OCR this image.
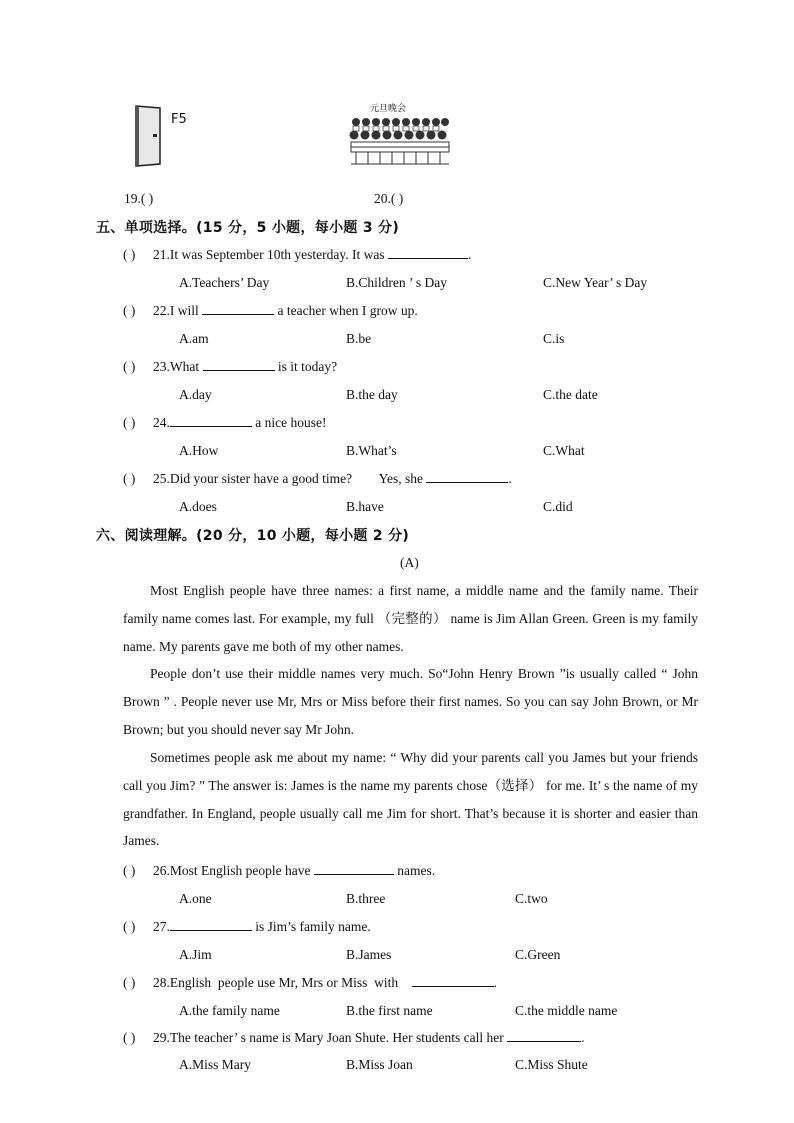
F5
元旦晚会
19.( )	20.( )
五、单项选择。(15 分，5 小题，每小题 3 分)
( ) 21.It was September 10th yesterday. It was	.
A.Teachers’ Day	B.Children ’ s Day	C.New Year’ s Day
( ) 22.I will	a teacher when I grow up.
A.am	B.be	C.is
( ) 23.What	is it today?
A.day	B.the day	C.the date
( ) 24.	a nice house!
A.How	B.What’s	C.What
( ) 25.Did your sister have a good time?        Yes, she	.
A.does	B.have	C.did
六、阅读理解。(20 分，10 小题，每小题 2 分)
(A)
Most English people have three names: a first name, a middle name and the family name. Their family name comes last. For example, my full （完整的） name is Jim Allan Green. Green is my family name. My parents gave me both of my other names.
People don’t use their middle names very much. So“John Henry Brown ”is usually called “ John Brown ” . People never use Mr, Mrs or Miss before their first names. So you can say John Brown, or Mr Brown; but you should never say Mr John.
Sometimes people ask me about my name: “ Why did your parents call you James but your friends call you Jim? ” The answer is: James is the name my parents chose（选择） for me. It’ s the name of my grandfather. In England, people usually call me Jim for short. That’s because it is shorter and easier than James.
( ) 26.Most English people have	names.
A.one	B.three	C.two
( ) 27.	is Jim’s family name.
A.Jim	B.James	C.Green
( ) 28.English  people use Mr, Mrs or Miss  with	.
A.the family name	B.the first name	C.the middle name
( ) 29.The teacher’ s name is Mary Joan Shute. Her students call her	.
A.Miss Mary	B.Miss Joan	C.Miss Shute
